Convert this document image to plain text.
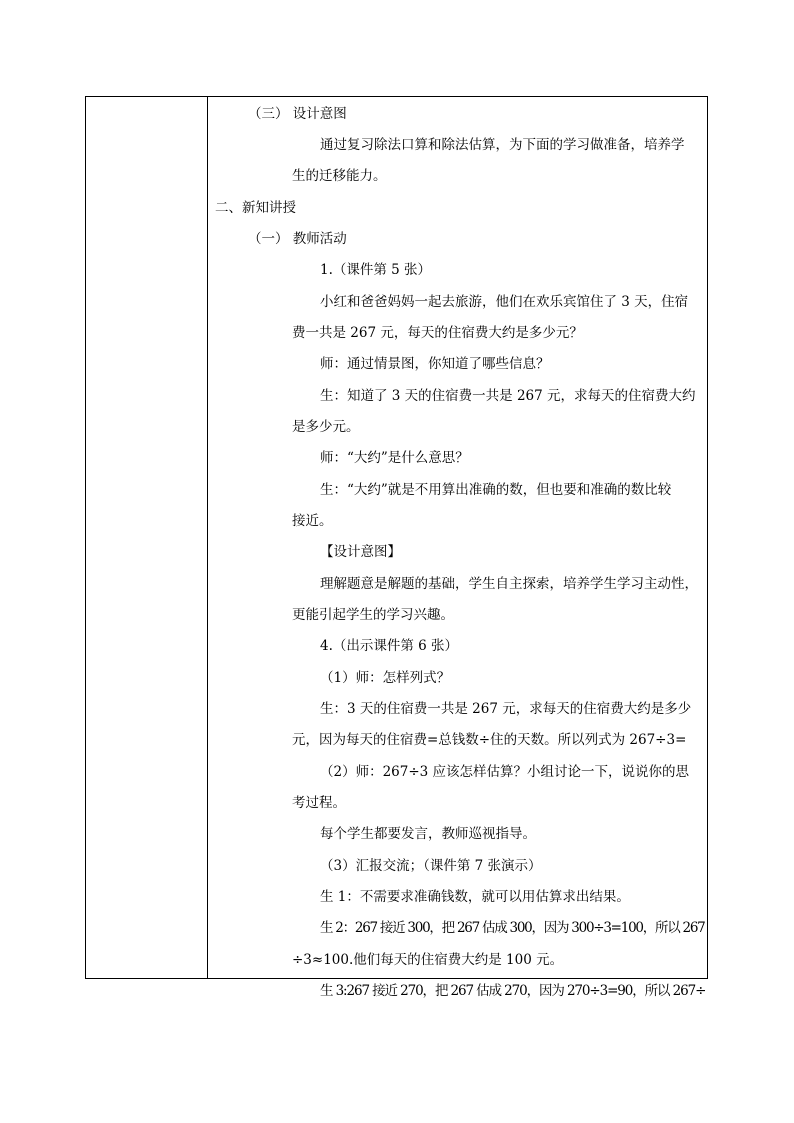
（三） 设计意图
通过复习除法口算和除法估算，为下面的学习做准备，培养学
生的迁移能力。
二、新知讲授
（一） 教师活动
1.（课件第 5 张）
小红和爸爸妈妈一起去旅游，他们在欢乐宾馆住了 3 天，住宿
费一共是 267 元，每天的住宿费大约是多少元？
师：通过情景图，你知道了哪些信息？
生：知道了 3 天的住宿费一共是 267 元，求每天的住宿费大约
是多少元。
师：“大约”是什么意思？
生：“大约”就是不用算出准确的数，但也要和准确的数比较
接近。
【设计意图】
理解题意是解题的基础，学生自主探索，培养学生学习主动性，
更能引起学生的学习兴趣。
4.（出示课件第 6 张）
（1）师：怎样列式？
生：3 天的住宿费一共是 267 元，求每天的住宿费大约是多少
元，因为每天的住宿费=总钱数÷住的天数。所以列式为 267÷3=
（2）师：267÷3 应该怎样估算？小组讨论一下，说说你的思
考过程。
每个学生都要发言，教师巡视指导。
（3）汇报交流；（课件第 7 张演示）
生 1：不需要求准确钱数，就可以用估算求出结果。
生 2：267 接近 300，把 267 估成 300，因为 300÷3=100，所以 267
÷3≈100.他们每天的住宿费大约是 100 元。
生 3:267 接近 270，把 267 估成 270，因为 270÷3=90，所以 267÷
